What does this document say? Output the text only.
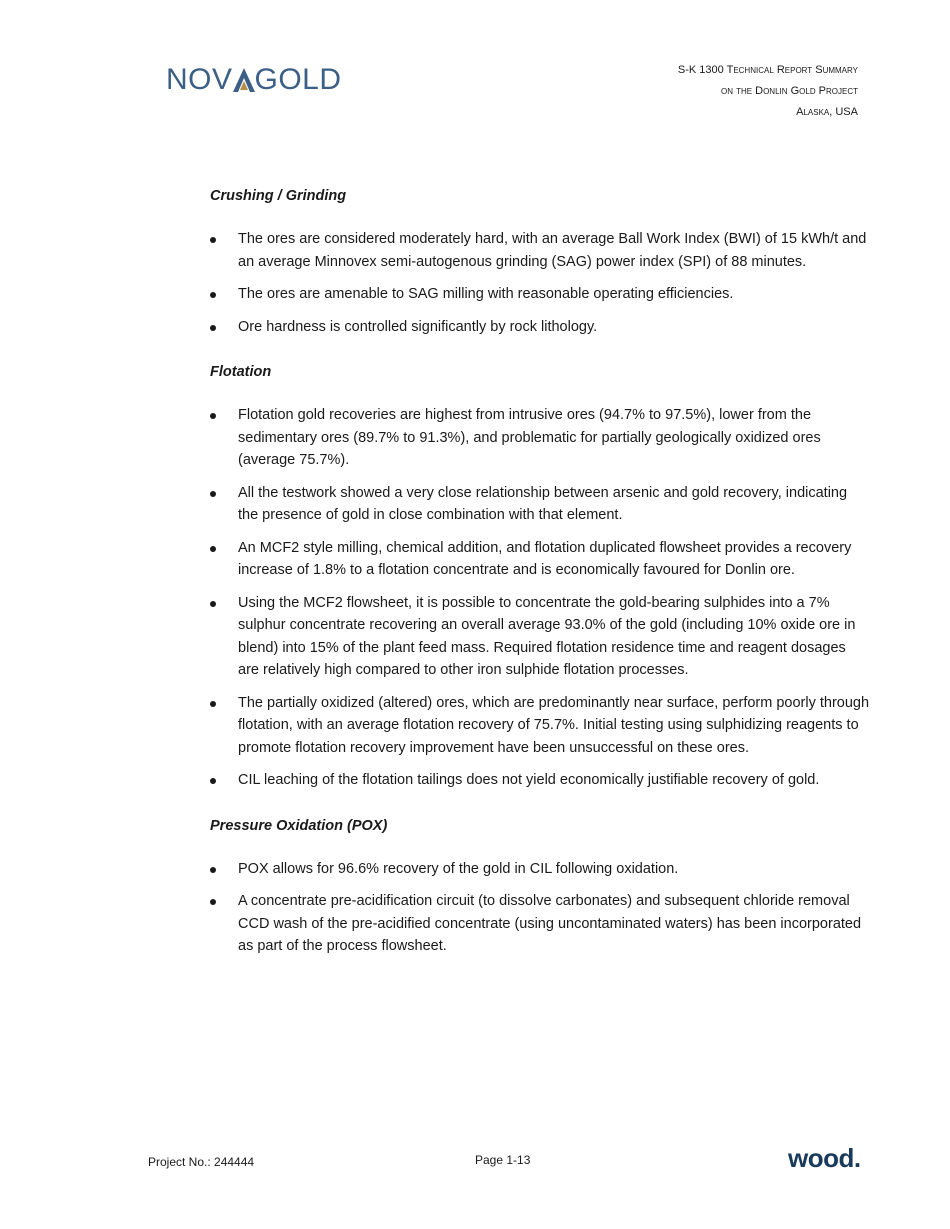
NOV GOLD	S-K 1300 Technical Report Summary
on the Donlin Gold Project
Alaska, USA

Crushing / Grinding

The ores are considered moderately hard, with an average Ball Work Index (BWI) of 15 kWh/t and an average Minnovex semi-autogenous grinding (SAG) power index (SPI) of 88 minutes.
The ores are amenable to SAG milling with reasonable operating efficiencies.
Ore hardness is controlled significantly by rock lithology.

Flotation

Flotation gold recoveries are highest from intrusive ores (94.7% to 97.5%), lower from the sedimentary ores (89.7% to 91.3%), and problematic for partially geologically oxidized ores (average 75.7%).
All the testwork showed a very close relationship between arsenic and gold recovery, indicating the presence of gold in close combination with that element.
An MCF2 style milling, chemical addition, and flotation duplicated flowsheet provides a recovery increase of 1.8% to a flotation concentrate and is economically favoured for Donlin ore.
Using the MCF2 flowsheet, it is possible to concentrate the gold-bearing sulphides into a 7% sulphur concentrate recovering an overall average 93.0% of the gold (including 10% oxide ore in blend) into 15% of the plant feed mass. Required flotation residence time and reagent dosages are relatively high compared to other iron sulphide flotation processes.
The partially oxidized (altered) ores, which are predominantly near surface, perform poorly through flotation, with an average flotation recovery of 75.7%. Initial testing using sulphidizing reagents to promote flotation recovery improvement have been unsuccessful on these ores.
CIL leaching of the flotation tailings does not yield economically justifiable recovery of gold.

Pressure Oxidation (POX)

POX allows for 96.6% recovery of the gold in CIL following oxidation.
A concentrate pre-acidification circuit (to dissolve carbonates) and subsequent chloride removal CCD wash of the pre-acidified concentrate (using uncontaminated waters) has been incorporated as part of the process flowsheet.
Project No.: 244444	Page 1-13	wood.
